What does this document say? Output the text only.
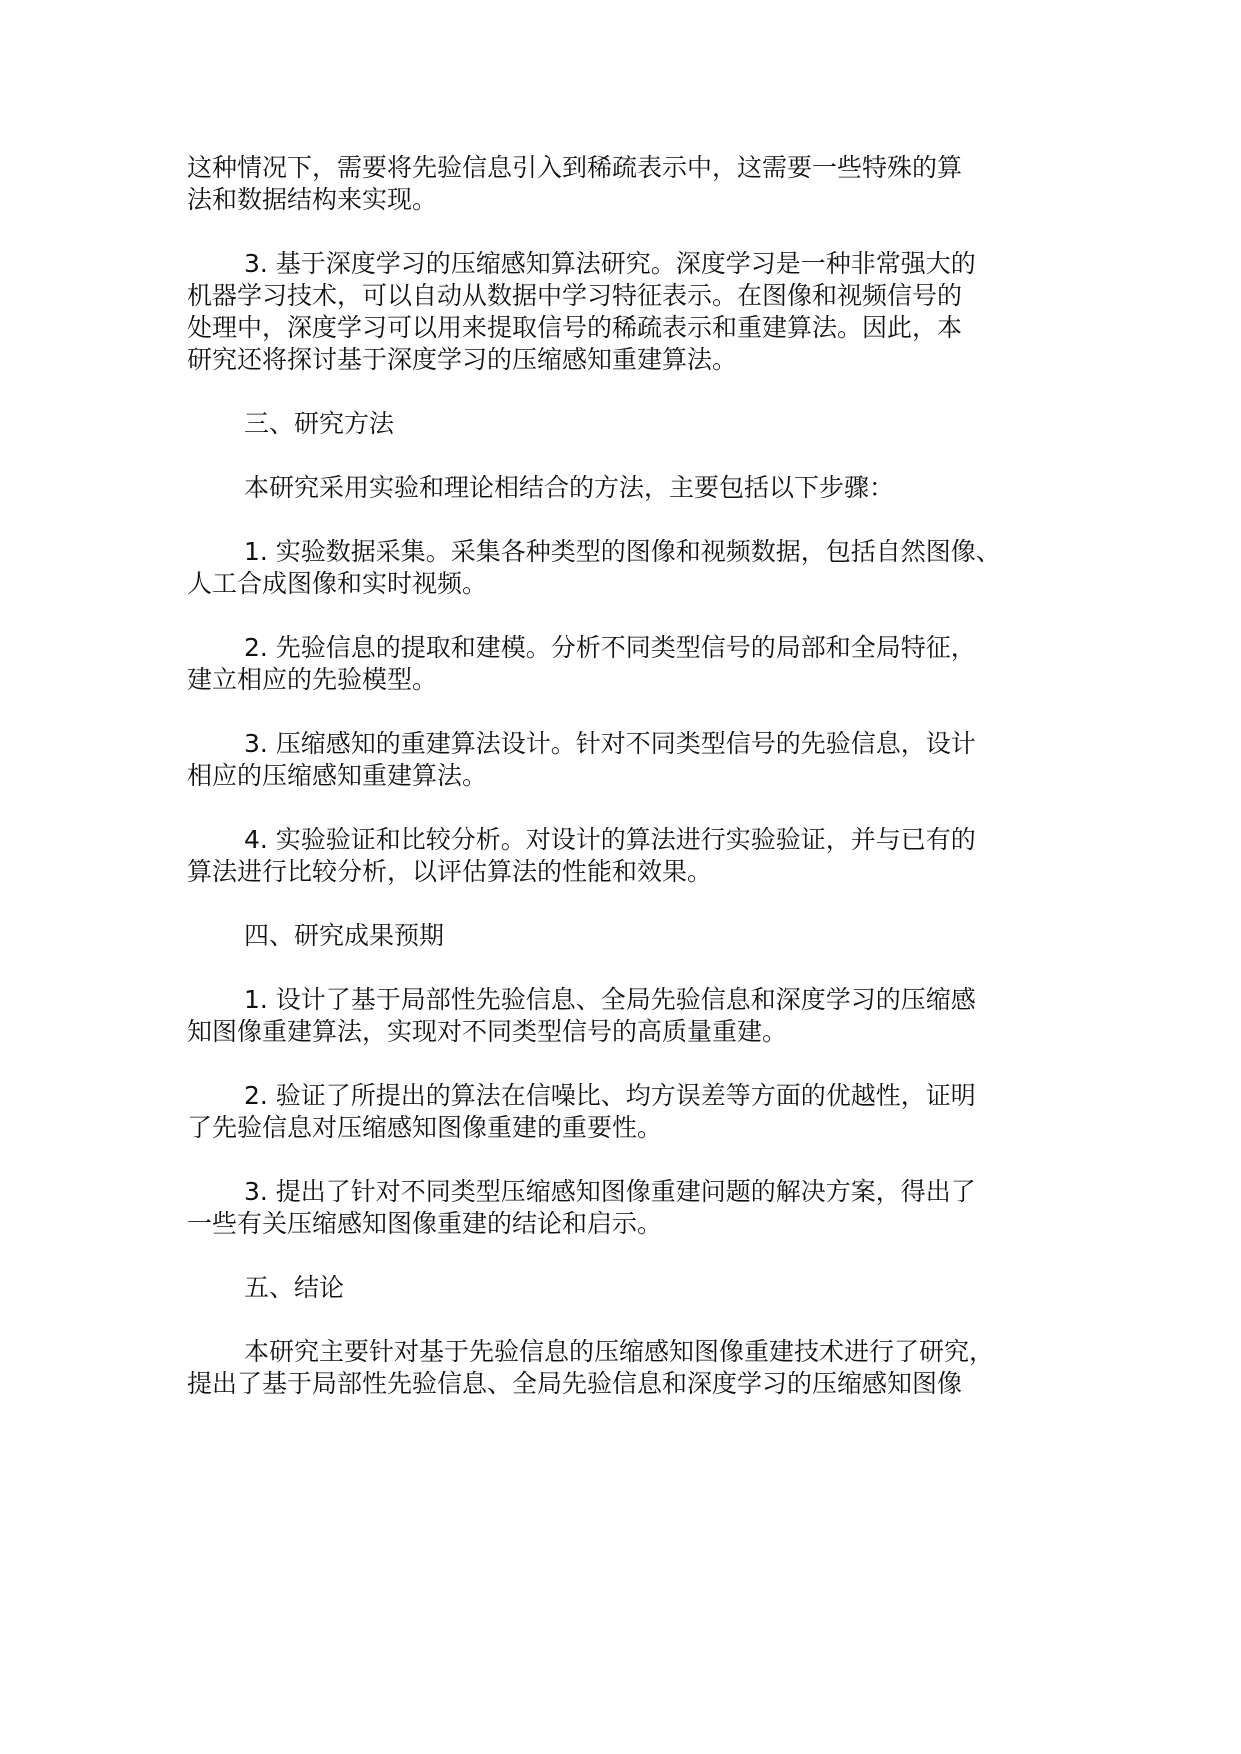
这种情况下，需要将先验信息引入到稀疏表示中，这需要一些特殊的算
法和数据结构来实现。
3. 基于深度学习的压缩感知算法研究。深度学习是一种非常强大的
机器学习技术，可以自动从数据中学习特征表示。在图像和视频信号的
处理中，深度学习可以用来提取信号的稀疏表示和重建算法。因此，本
研究还将探讨基于深度学习的压缩感知重建算法。
三、研究方法
本研究采用实验和理论相结合的方法，主要包括以下步骤：
1. 实验数据采集。采集各种类型的图像和视频数据，包括自然图像、
人工合成图像和实时视频。
2. 先验信息的提取和建模。分析不同类型信号的局部和全局特征，
建立相应的先验模型。
3. 压缩感知的重建算法设计。针对不同类型信号的先验信息，设计
相应的压缩感知重建算法。
4. 实验验证和比较分析。对设计的算法进行实验验证，并与已有的
算法进行比较分析，以评估算法的性能和效果。
四、研究成果预期
1. 设计了基于局部性先验信息、全局先验信息和深度学习的压缩感
知图像重建算法，实现对不同类型信号的高质量重建。
2. 验证了所提出的算法在信噪比、均方误差等方面的优越性，证明
了先验信息对压缩感知图像重建的重要性。
3. 提出了针对不同类型压缩感知图像重建问题的解决方案，得出了
一些有关压缩感知图像重建的结论和启示。
五、结论
本研究主要针对基于先验信息的压缩感知图像重建技术进行了研究，
提出了基于局部性先验信息、全局先验信息和深度学习的压缩感知图像
